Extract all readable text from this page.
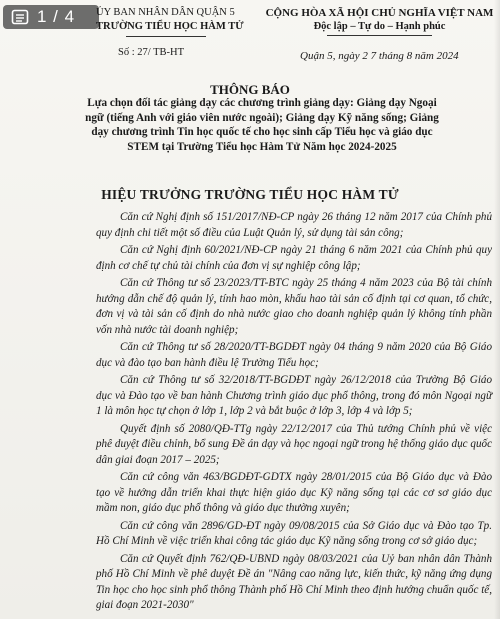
1 / 4 ỦY BAN NHÂN DÂN QUẬN 5
TRƯỜNG TIỂU HỌC HÀM TỬ
CỘNG HÒA XÃ HỘI CHỦ NGHĨA VIỆT NAM
Độc lập – Tự do – Hạnh phúc
Số : 27/ TB-HT	Quận 5, ngày 2 7 tháng 8 năm 2024
THÔNG BÁO
Lựa chọn đối tác giảng dạy các chương trình giảng dạy: Giảng dạy Ngoại ngữ (tiếng Anh với giáo viên nước ngoài); Giảng dạy Kỹ năng sống; Giảng dạy chương trình Tin học quốc tế cho học sinh cấp Tiểu học và giáo dục STEM tại Trường Tiểu học Hàm Tử Năm học 2024-2025
HIỆU TRƯỞNG TRƯỜNG TIỂU HỌC HÀM TỬ

Căn cứ Nghị định số 151/2017/NĐ-CP ngày 26 tháng 12 năm 2017 của Chính phủ quy định chi tiết một số điều của Luật Quản lý, sử dụng tài sản công;

Căn cứ Nghị định 60/2021/NĐ-CP ngày 21 tháng 6 năm 2021 của Chính phủ quy định cơ chế tự chủ tài chính của đơn vị sự nghiệp công lập;

Căn cứ Thông tư số 23/2023/TT-BTC ngày 25 tháng 4 năm 2023 của Bộ tài chính hướng dẫn chế độ quản lý, tính hao mòn, khấu hao tài sản cố định tại cơ quan, tổ chức, đơn vị và tài sản cố định do nhà nước giao cho doanh nghiệp quản lý không tính phần vốn nhà nước tài doanh nghiệp;

Căn cứ Thông tư số 28/2020/TT-BGDĐT ngày 04 tháng 9 năm 2020 của Bộ Giáo dục và đào tạo ban hành điều lệ Trường Tiểu học;

Căn cứ Thông tư số 32/2018/TT-BGDĐT ngày 26/12/2018 của Trường Bộ Giáo dục và Đào tạo về ban hành Chương trình giáo dục phổ thông, trong đó môn Ngoại ngữ 1 là môn học tự chọn ở lớp 1, lớp 2 và bắt buộc ở lớp 3, lớp 4 và lớp 5;

Quyết định số 2080/QĐ-TTg ngày 22/12/2017 của Thủ tướng Chính phủ về việc phê duyệt điều chỉnh, bổ sung Đề án dạy và học ngoại ngữ trong hệ thống giáo dục quốc dân giai đoạn 2017 – 2025;

Căn cứ công văn 463/BGDĐT-GDTX ngày 28/01/2015 của Bộ Giáo dục và Đào tạo về hướng dẫn triển khai thực hiện giáo dục Kỹ năng sống tại các cơ sơ giáo dục mầm non, giáo dục phổ thông và giáo dục thường xuyên;

Căn cứ công văn 2896/GD-ĐT ngày 09/08/2015 của Sở Giáo dục và Đào tạo Tp. Hồ Chí Minh về việc triển khai công tác giáo dục Kỹ năng sống trong cơ sở giáo dục;

Căn cứ Quyết định 762/QĐ-UBND ngày 08/03/2021 của Uỷ ban nhân dân Thành phố Hồ Chí Minh về phê duyệt Đề án "Nâng cao năng lực, kiến thức, kỹ năng ứng dụng Tin học cho học sinh phổ thông Thành phố Hồ Chí Minh theo định hướng chuẩn quốc tế, giai đoạn 2021-2030"
